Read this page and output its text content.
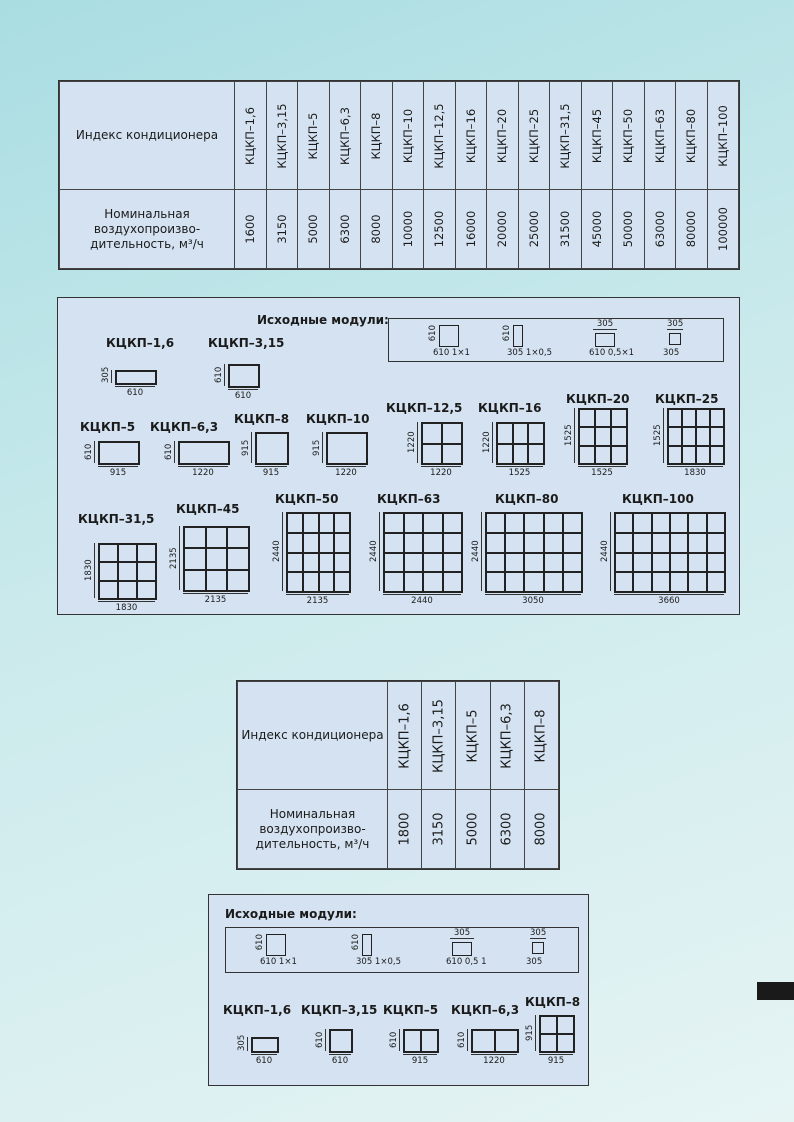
Индекс кондиционера	КЦКП–1,6	КЦКП–3,15	КЦКП–5	КЦКП–6,3	КЦКП–8	КЦКП–10	КЦКП–12,5	КЦКП–16	КЦКП–20	КЦКП–25	КЦКП–31,5	КЦКП–45	КЦКП–50	КЦКП–63	КЦКП–80	КЦКП–100

Номинальная воздухопроизво-дительность, м³/ч	1600	3150	5000	6300	8000	10000	12500	16000	20000	25000	31500	45000	50000	63000	80000	100000
Исходные модули:
610
610 1×1
610
305 1×0,5
305
610 0,5×1
305
305
КЦКП–1,6
610
305
КЦКП–3,15
610
610
КЦКП–5
915
610
КЦКП–6,3
1220
610
КЦКП–8
915
915
КЦКП–10
1220
915
КЦКП–12,5
1220
1220
КЦКП–16
1525
1220
КЦКП–20
1525
1525
КЦКП–25
1830
1525
КЦКП–31,5
1830
1830
КЦКП–45
2135
2135
КЦКП–50
2135
2440
КЦКП–63
2440
2440
КЦКП–80
3050
2440
КЦКП–100
3660
2440
Индекс кондиционера	КЦКП–1,6	КЦКП–3,15	КЦКП–5	КЦКП–6,3	КЦКП–8

Номинальная воздухопроизво-дительность, м³/ч	1800	3150	5000	6300	8000
Исходные модули:
610
610 1×1
610
305 1×0,5
305
610 0,5 1
305
305
КЦКП–1,6
610
305
КЦКП–3,15
610
610
КЦКП–5
915
610
КЦКП–6,3
1220
610
КЦКП–8
915
915
